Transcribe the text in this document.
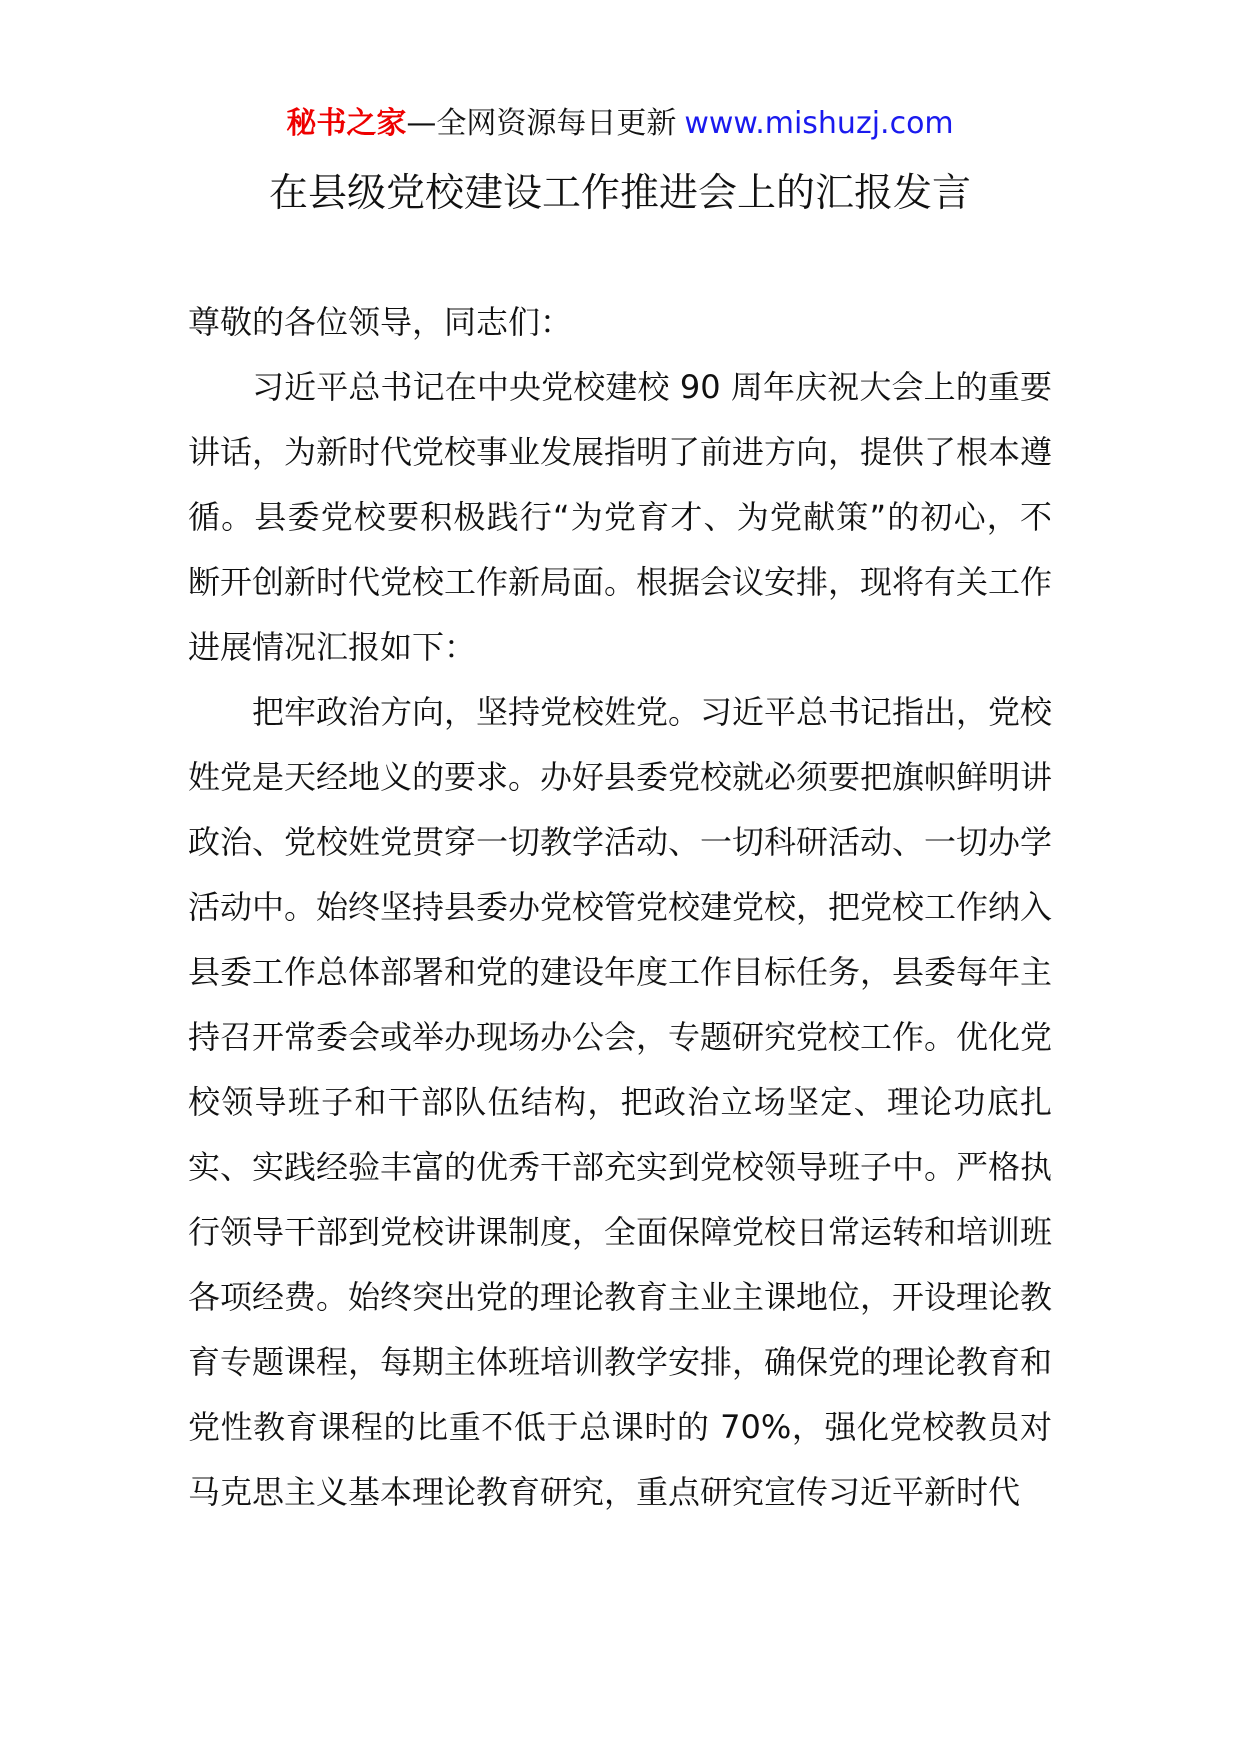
秘书之家—全网资源每日更新 www.mishuzj.com
在县级党校建设工作推进会上的汇报发言

尊敬的各位领导，同志们：

习近平总书记在中央党校建校 90 周年庆祝大会上的重要讲话，为新时代党校事业发展指明了前进方向，提供了根本遵循。县委党校要积极践行“为党育才、为党献策”的初心，不断开创新时代党校工作新局面。根据会议安排，现将有关工作进展情况汇报如下：

把牢政治方向，坚持党校姓党。习近平总书记指出，党校姓党是天经地义的要求。办好县委党校就必须要把旗帜鲜明讲政治、党校姓党贯穿一切教学活动、一切科研活动、一切办学活动中。始终坚持县委办党校管党校建党校，把党校工作纳入县委工作总体部署和党的建设年度工作目标任务，县委每年主持召开常委会或举办现场办公会，专题研究党校工作。优化党校领导班子和干部队伍结构，把政治立场坚定、理论功底扎实、实践经验丰富的优秀干部充实到党校领导班子中。严格执行领导干部到党校讲课制度，全面保障党校日常运转和培训班各项经费。始终突出党的理论教育主业主课地位，开设理论教育专题课程，每期主体班培训教学安排，确保党的理论教育和党性教育课程的比重不低于总课时的 70%，强化党校教员对马克思主义基本理论教育研究，重点研究宣传习近平新时代
